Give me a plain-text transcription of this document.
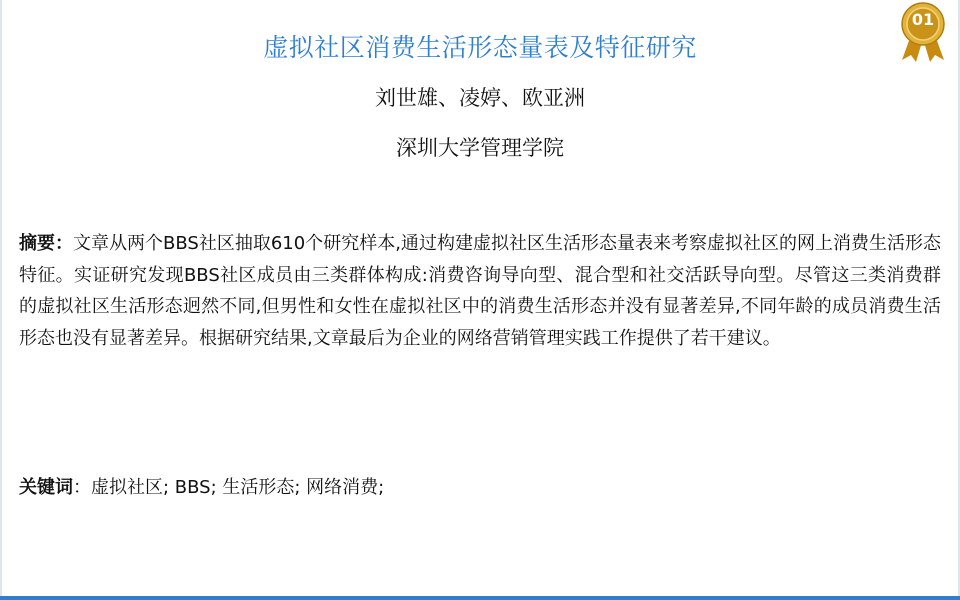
01
虚拟社区消费生活形态量表及特征研究
刘世雄、凌婷、欧亚洲
深圳大学管理学院
摘要：文章从两个BBS社区抽取610个研究样本,通过构建虚拟社区生活形态量表来考察虚拟社区的网上消费生活形态特征。实证研究发现BBS社区成员由三类群体构成:消费咨询导向型、混合型和社交活跃导向型。尽管这三类消费群的虚拟社区生活形态迥然不同,但男性和女性在虚拟社区中的消费生活形态并没有显著差异,不同年龄的成员消费生活形态也没有显著差异。根据研究结果,文章最后为企业的网络营销管理实践工作提供了若干建议。
关键词：虚拟社区; BBS; 生活形态; 网络消费;
